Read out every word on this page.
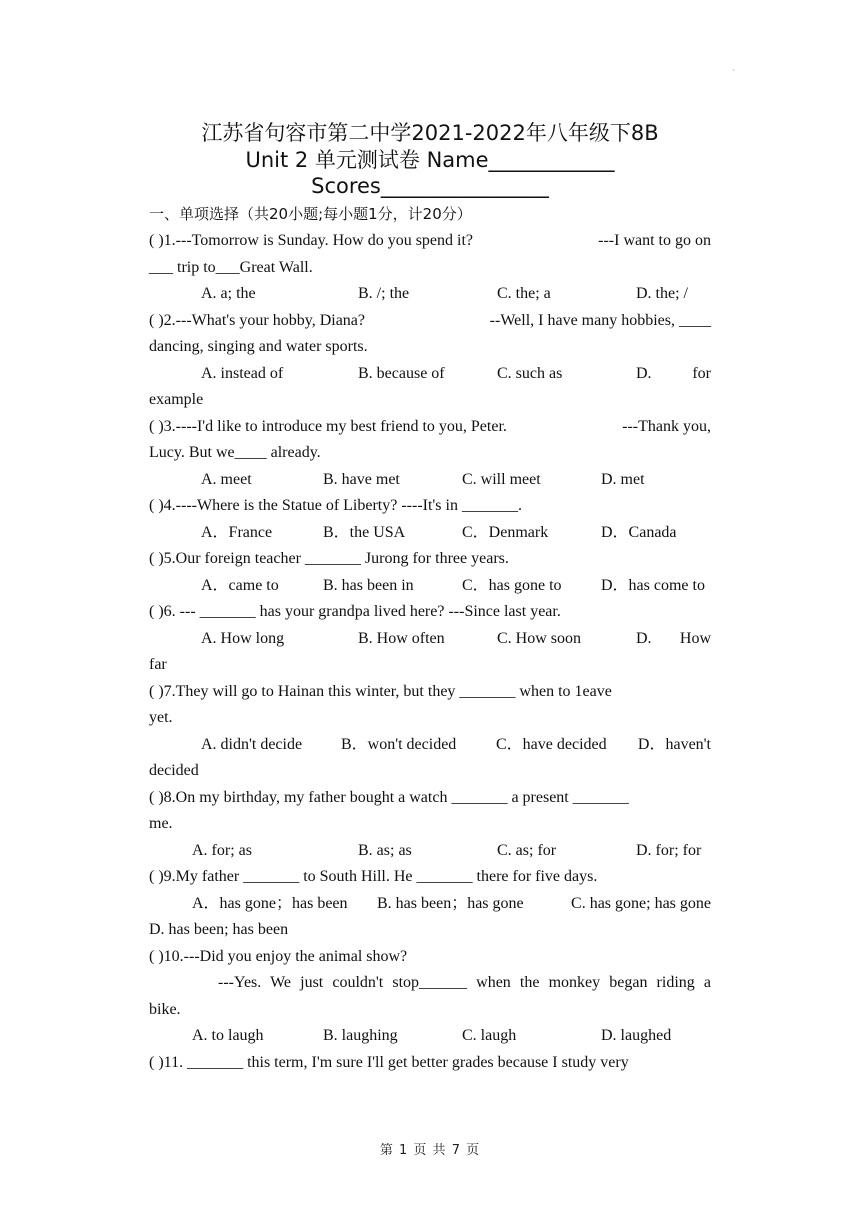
·
江苏省句容市第二中学2021-2022年八年级下8B
Unit 2 单元测试卷 Name____________
Scores________________
一、单项选择（共20小题;每小题1分，计20分）
( )1.---Tomorrow is Sunday. How do you spend it?	---I want to go on
___ trip to___Great Wall.
A. a; the	B. /; the	C. the; a	D. the; /
( )2.---What's your hobby, Diana?	--Well, I have many hobbies, ____
dancing, singing and water sports.
A. instead of	B. because of	C. such as	D.	for
example
( )3.----I'd like to introduce my best friend to you, Peter.	---Thank you,
Lucy. But we____ already.
A. meet	B. have met	C. will meet	D. met
( )4.----Where is the Statue of Liberty? ----It's in _______.
A．France	B．the USA	C．Denmark	D．Canada
( )5.Our foreign teacher _______ Jurong for three years.
A．came to	B. has been in	C．has gone to D．has come to
( )6. --- _______ has your grandpa lived here? ---Since last year.
A. How long	B. How often	C. How soon	D. How
far
( )7.They will go to Hainan this winter, but they _______ when to 1eave
yet.
A. didn't decide B．won't decided C．have decided D．haven't
decided
( )8.On my birthday, my father bought a watch _______ a present _______
me.
A. for; as	B. as; as	C. as; for	D. for; for
( )9.My father _______ to South Hill. He _______ there for five days.
A．has gone；has been B. has been；has gone	C. has gone; has gone
D. has been; has been
( )10.---Did you enjoy the animal show?
---Yes. We just couldn't stop______ when the monkey began riding a
bike.
A. to laugh	B. laughing	C. laugh	D. laughed
( )11. _______ this term, I'm sure I'll get better grades because I study very
第 1 页 共 7 页
